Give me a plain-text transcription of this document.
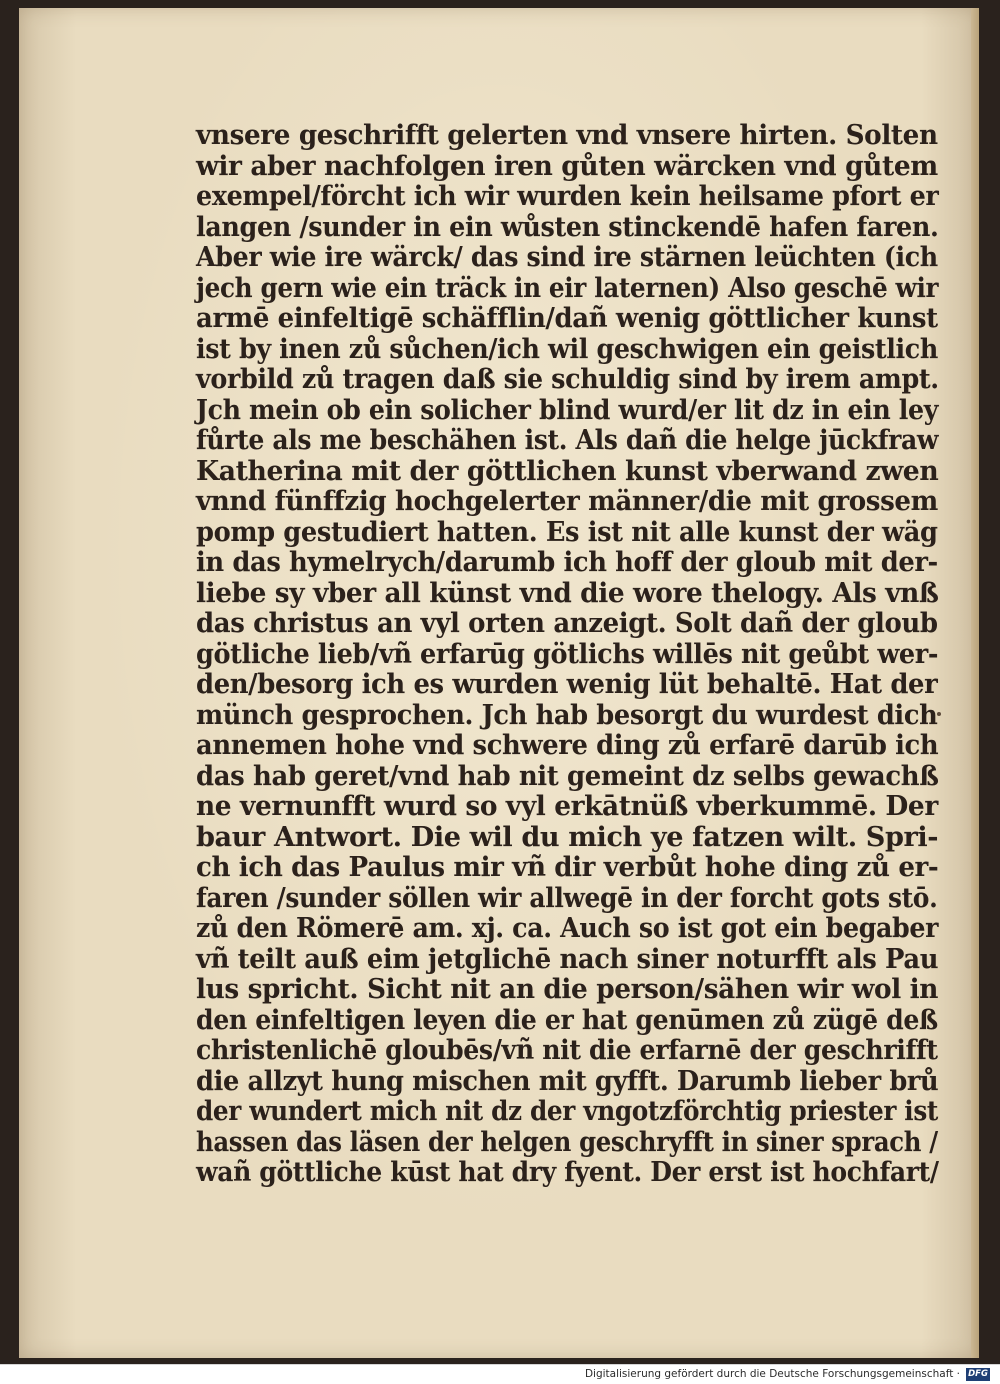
vnsere geschrifft gelerten vnd vnsere hirten. Solten
wir aber nachfolgen iren gůten wärcken vnd gůtem
exempel/förcht ich wir wurden kein heilsame pfort er
langen /sunder in ein wůsten stinckendē hafen faren.
Aber wie ire wärck/ das sind ire stärnen leüchten (ich
jech gern wie ein träck in eir laternen) Also geschē wir
armē einfeltigē schäfflin/dañ wenig göttlicher kunst
ist by inen zů sůchen/ich wil geschwigen ein geistlich
vorbild zů tragen daß sie schuldig sind by irem ampt.
Jch mein ob ein solicher blind wurd/er lit dz in ein ley
fůrte als me beschähen ist. Als dañ die helge jūckfraw
Katherina mit der göttlichen kunst vberwand zwen
vnnd fünffzig hochgelerter männer/die mit grossem
pomp gestudiert hatten. Es ist nit alle kunst der wäg
in das hymelrych/darumb ich hoff der gloub mit der-
liebe sy vber all künst vnd die wore thelogy. Als vnß
das christus an vyl orten anzeigt. Solt dañ der gloub
götliche lieb/vñ erfarūg götlichs willēs nit geůbt wer-
den/besorg ich es wurden wenig lüt behaltē. Hat der
münch gesprochen. Jch hab besorgt du wurdest dich
annemen hohe vnd schwere ding zů erfarē darūb ich
das hab geret/vnd hab nit gemeint dz selbs gewachß
ne vernunfft wurd so vyl erkātnüß vberkummē. Der
baur Antwort. Die wil du mich ye fatzen wilt. Spri-
ch ich das Paulus mir vñ dir verbůt hohe ding zů er-
faren /sunder söllen wir allwegē in der forcht gots stō.
zů den Römerē am. xj. ca. Auch so ist got ein begaber
vñ teilt auß eim jetglichē nach siner noturfft als Pau
lus spricht. Sicht nit an die person/sähen wir wol in
den einfeltigen leyen die er hat genūmen zů zügē deß
christenlichē gloubēs/vñ nit die erfarnē der geschrifft
die allzyt hung mischen mit gyfft. Darumb lieber brů
der wundert mich nit dz der vngotzförchtig priester ist
hassen das läsen der helgen geschryfft in siner sprach /
wañ göttliche kūst hat dry fyent. Der erst ist hochfart/

Digitalisierung gefördert durch die Deutsche Forschungsgemeinschaft · DFG
